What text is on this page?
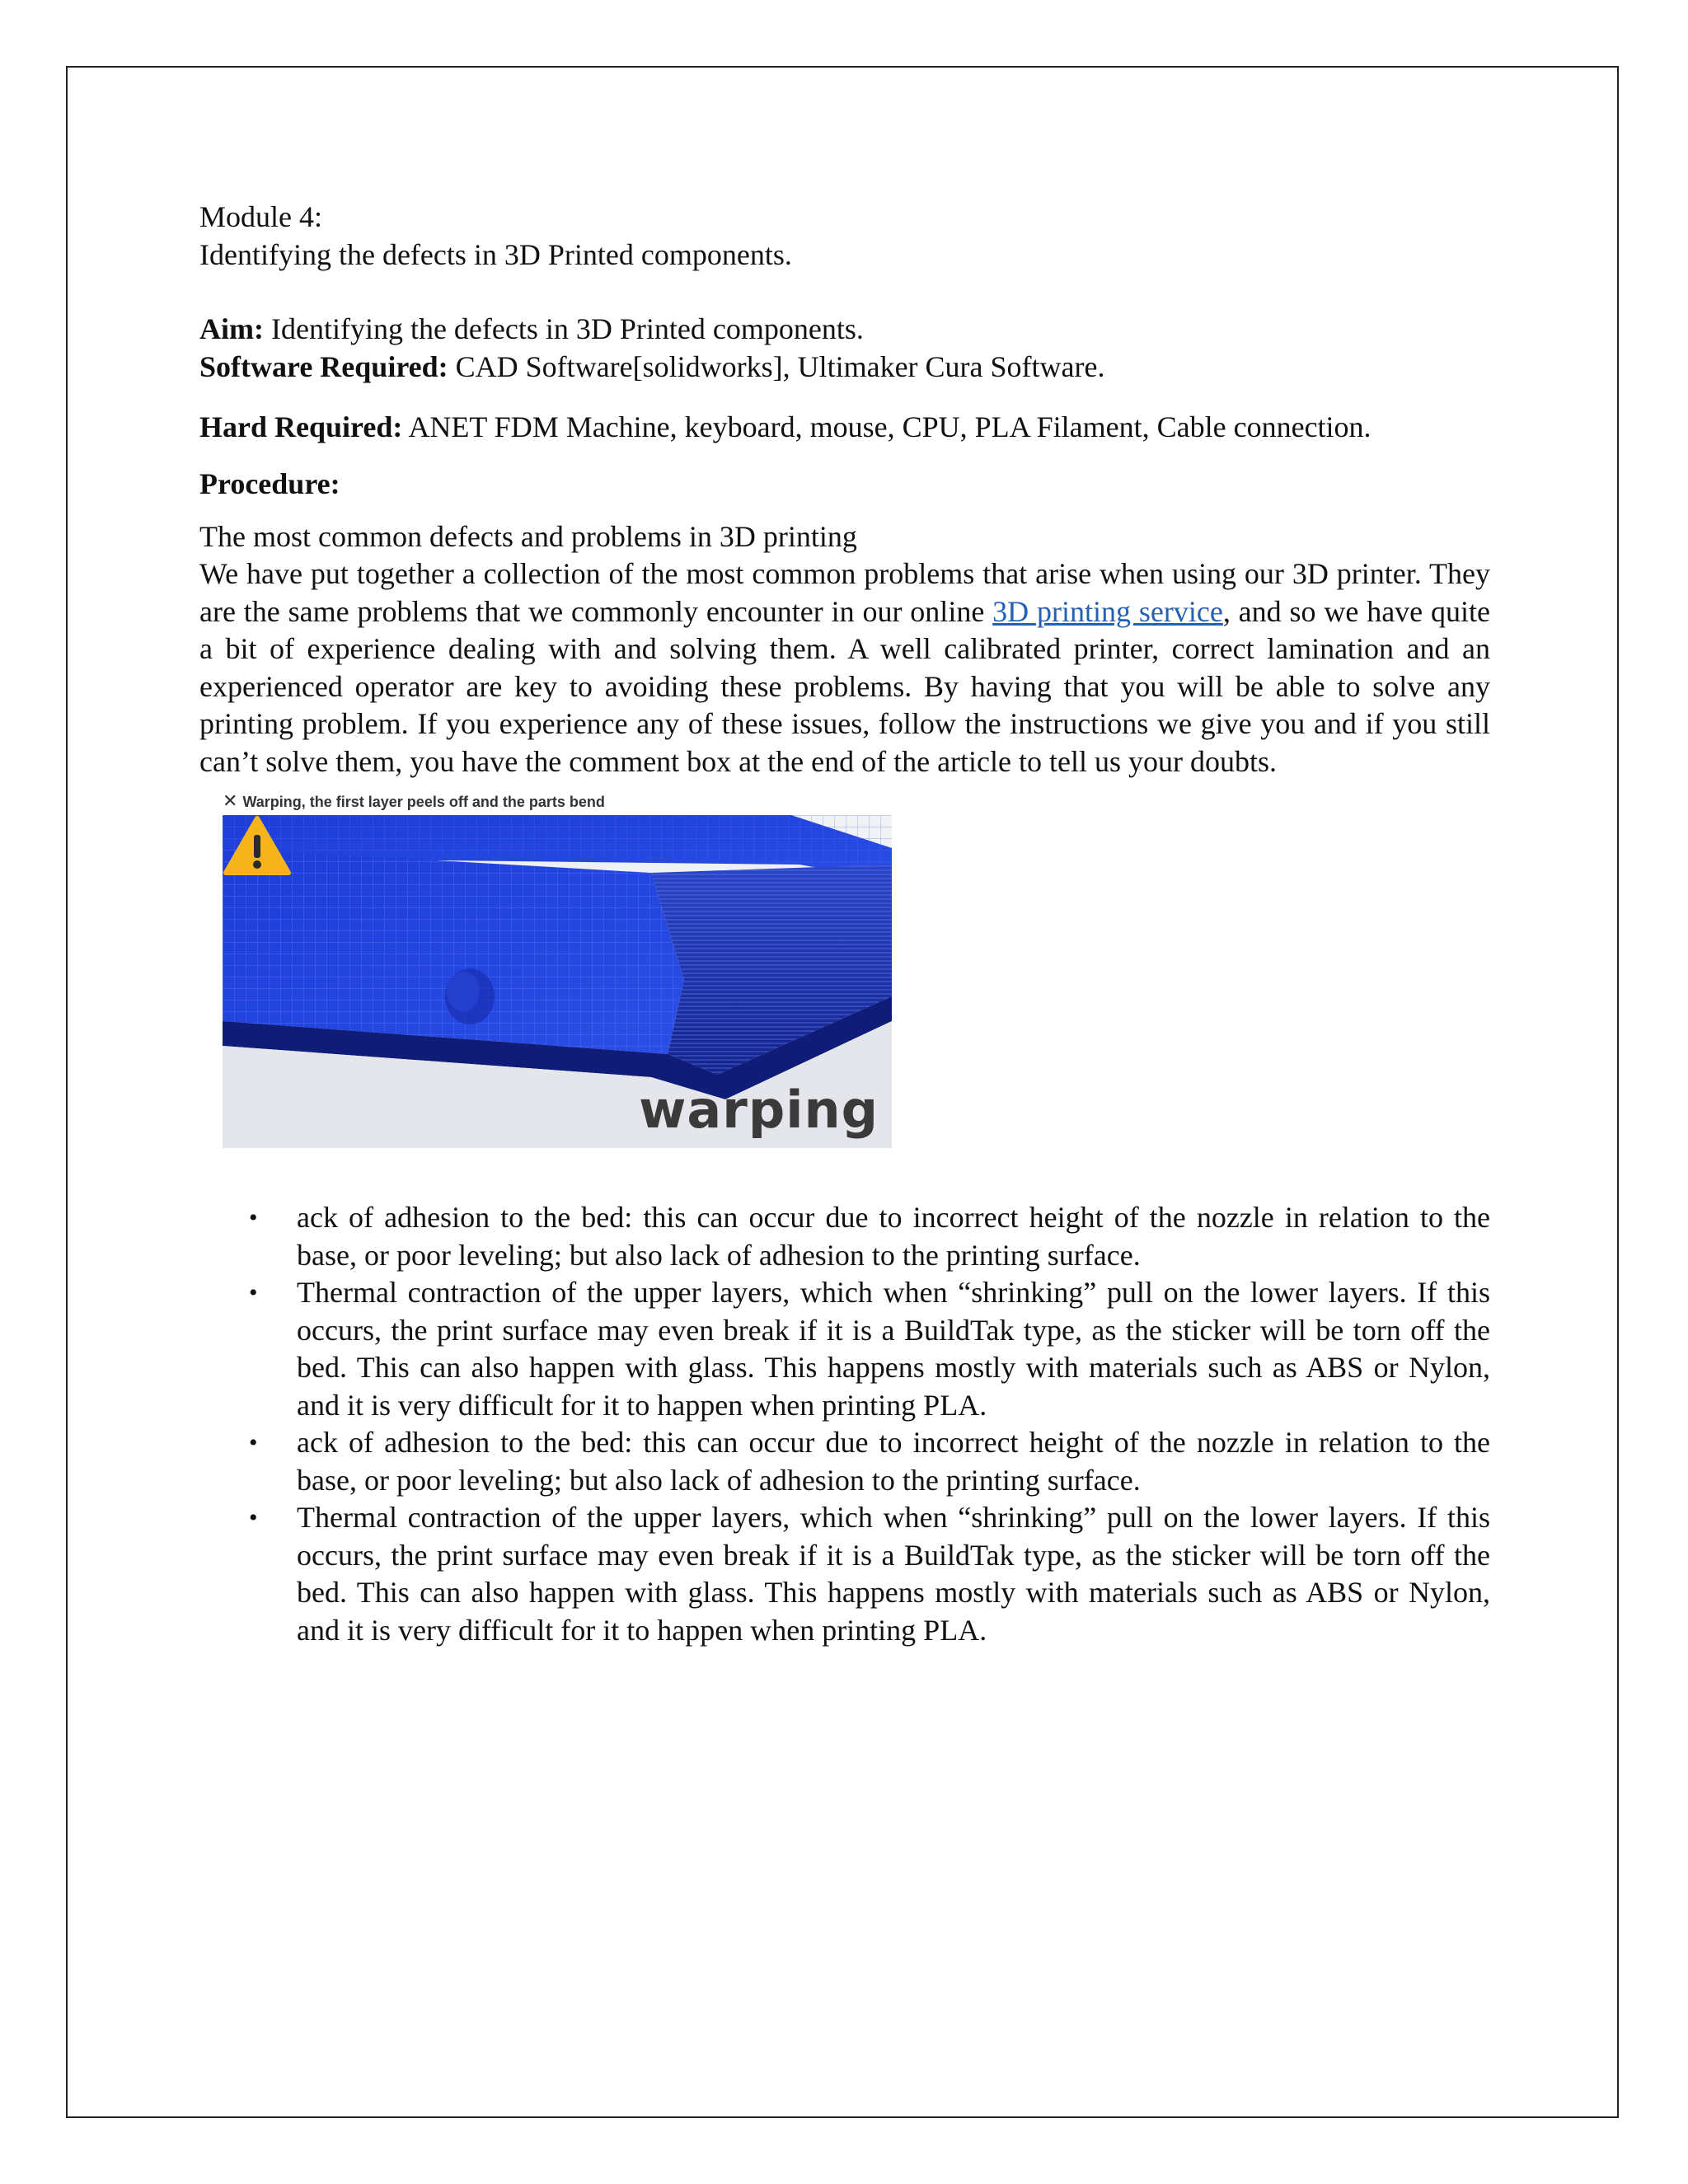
Module 4:

Identifying the defects in 3D Printed components.

Aim: Identifying the defects in 3D Printed components.

Software Required: CAD Software[solidworks], Ultimaker Cura Software.

Hard Required: ANET FDM Machine, keyboard, mouse, CPU, PLA Filament, Cable connection.

Procedure:

The most common defects and problems in 3D printing

We have put together a collection of the most common problems that arise when using our 3D printer. They are the same problems that we commonly encounter in our online 3D printing service, and so we have quite a bit of experience dealing with and solving them. A well calibrated printer, correct lamination and an experienced operator are key to avoiding these problems. By having that you will be able to solve any printing problem. If you experience any of these issues, follow the instructions we give you and if you still can’t solve them, you have the comment box at the end of the article to tell us your doubts.

✕ Warping, the first layer peels off and the parts bend
warping
• ack of adhesion to the bed: this can occur due to incorrect height of the nozzle in relation to the base, or poor leveling; but also lack of adhesion to the printing surface.
• Thermal contraction of the upper layers, which when “shrinking” pull on the lower layers. If this occurs, the print surface may even break if it is a BuildTak type, as the sticker will be torn off the bed. This can also happen with glass. This happens mostly with materials such as ABS or Nylon, and it is very difficult for it to happen when printing PLA.
• ack of adhesion to the bed: this can occur due to incorrect height of the nozzle in relation to the base, or poor leveling; but also lack of adhesion to the printing surface.
• Thermal contraction of the upper layers, which when “shrinking” pull on the lower layers. If this occurs, the print surface may even break if it is a BuildTak type, as the sticker will be torn off the bed. This can also happen with glass. This happens mostly with materials such as ABS or Nylon, and it is very difficult for it to happen when printing PLA.
